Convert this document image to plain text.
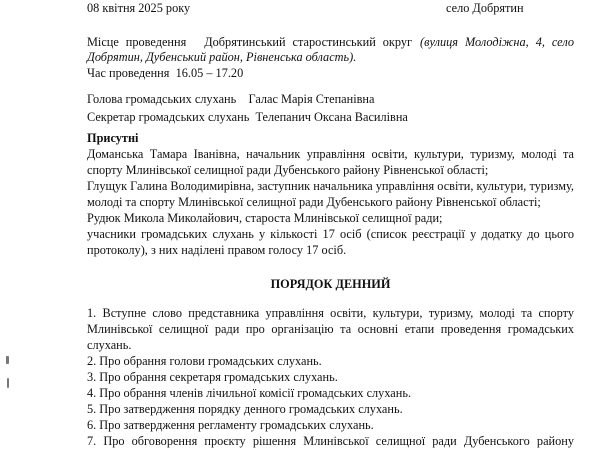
08 квітня 2025 року	село Добрятин
Місце проведення Добрятинський старостинський округ (вулиця Молодіжна, 4, село
Добрятин, Дубенський район, Рівненська область).
Час проведення 16.05 – 17.20
Голова громадських слухань Галас Марія Степанівна
Секретар громадських слухань Телепанич Оксана Василівна
Присутні
Доманська Тамара Іванівна, начальник управління освіти, культури, туризму, молоді та
спорту Млинівської селищної ради Дубенського району Рівненської області;
Глущук Галина Володимирівна, заступник начальника управління освіти, культури, туризму,
молоді та спорту Млинівської селищної ради Дубенського району Рівненської області;
Рудюк Микола Миколайович, староста Млинівської селищної ради;
учасники громадських слухань у кількості 17 осіб (список реєстрації у додатку до цього
протоколу), з них наділені правом голосу 17 осіб.
ПОРЯДОК ДЕННИЙ
1. Вступне слово представника управління освіти, культури, туризму, молоді та спорту
Млинівської селищної ради про організацію та основні етапи проведення громадських
слухань.
2. Про обрання голови громадських слухань.
3. Про обрання секретаря громадських слухань.
4. Про обрання членів лічильної комісії громадських слухань.
5. Про затвердження порядку денного громадських слухань.
6. Про затвердження регламенту громадських слухань.
7. Про обговорення проєкту рішення Млинівської селищної ради Дубенського району
